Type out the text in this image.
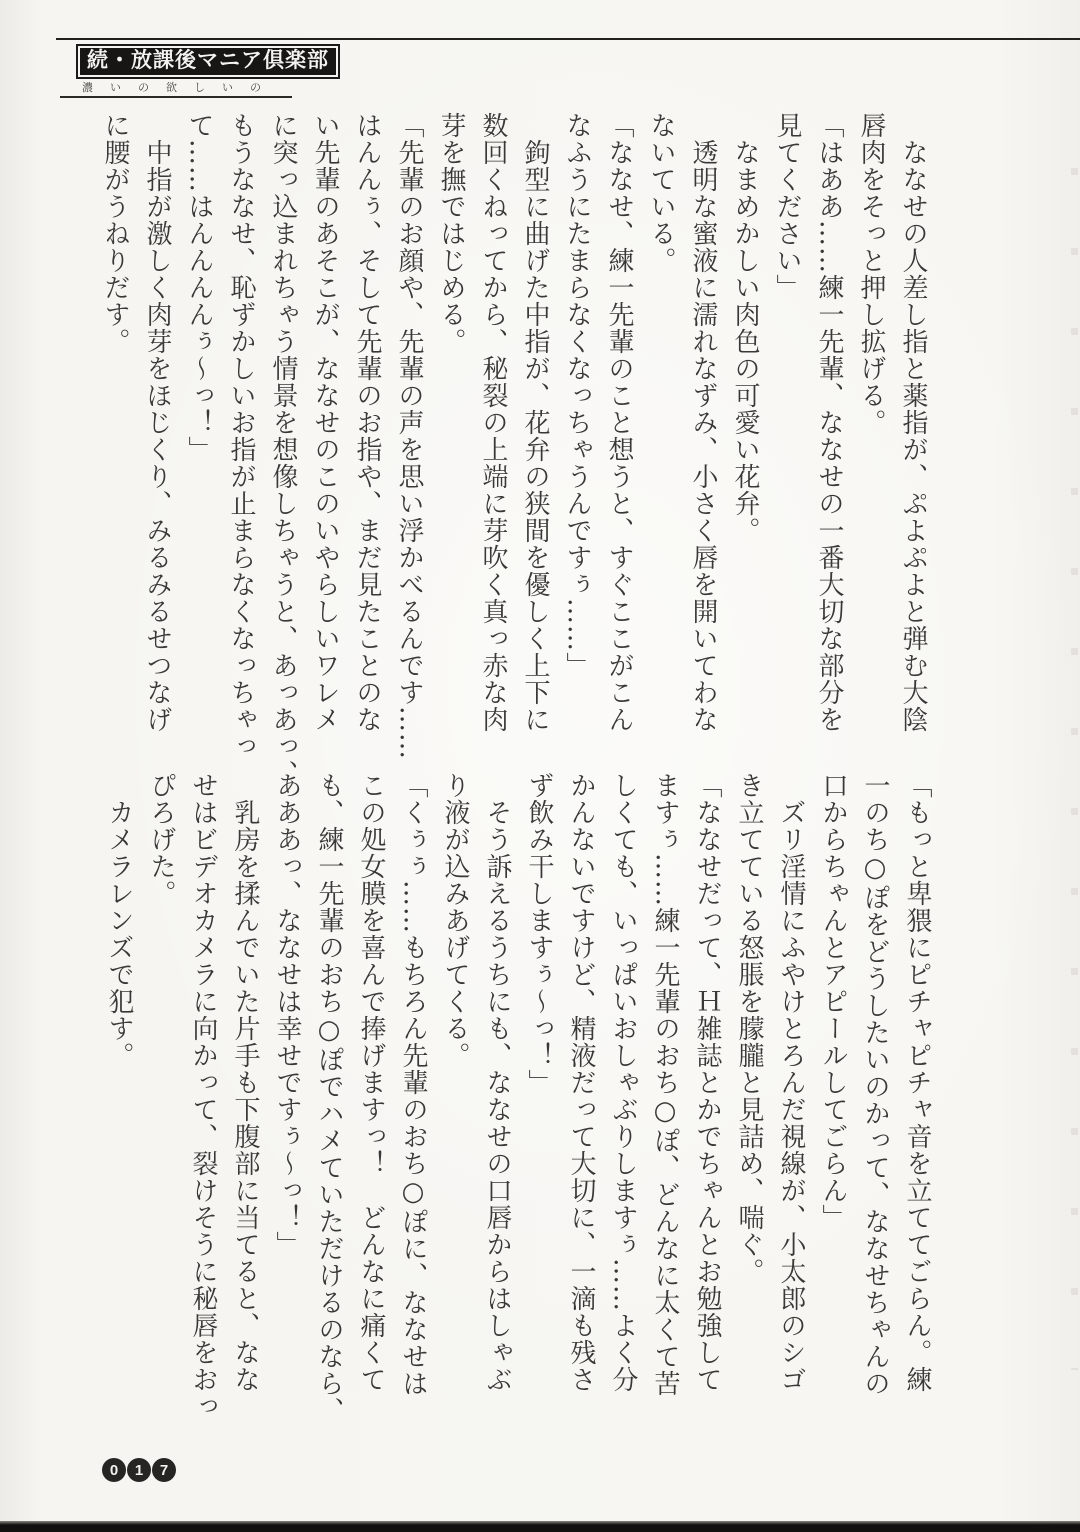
続・放課後マニア倶楽部
濃いの欲しいの
　ななせの人差し指と薬指が、ぷよぷよと弾む大陰
唇肉をそっと押し拡げる。
「はああ……練一先輩、ななせの一番大切な部分を
見てください」
　なまめかしい肉色の可愛い花弁。
　透明な蜜液に濡れなずみ、小さく唇を開いてわな
ないている。
「ななせ、練一先輩のこと想うと、すぐここがこん
なふうにたまらなくなっちゃうんですぅ……」
　鉤型に曲げた中指が、花弁の狭間を優しく上下に
数回くねってから、秘裂の上端に芽吹く真っ赤な肉
芽を撫ではじめる。
「先輩のお顔や、先輩の声を思い浮かべるんです……
はんんぅ、そして先輩のお指や、まだ見たことのな
い先輩のあそこが、ななせのこのいやらしいワレメ
に突っ込まれちゃう情景を想像しちゃうと、あっあっ、
もうななせ、恥ずかしいお指が止まらなくなっちゃっ
て……はんんんんぅ〜っ！」
　中指が激しく肉芽をほじくり、みるみるせつなげ
に腰がうねりだす。
「もっと卑猥にピチャピチャ音を立ててごらん。練
一のち○ぽをどうしたいのかって、ななせちゃんの
口からちゃんとアピールしてごらん」
　ズリ淫情にふやけとろんだ視線が、小太郎のシゴ
き立てている怒脹を朦朧と見詰め、喘ぐ。
「ななせだって、Ｈ雑誌とかでちゃんとお勉強して
ますぅ……練一先輩のおち○ぽ、どんなに太くて苦
しくても、いっぱいおしゃぶりしますぅ……よく分
かんないですけど、精液だって大切に、一滴も残さ
ず飲み干しますぅ〜っ！」
　そう訴えるうちにも、ななせの口唇からはしゃぶ
り液が込みあげてくる。
「くぅぅ……もちろん先輩のおち○ぽに、ななせは
この処女膜を喜んで捧げますっ！　どんなに痛くて
も、練一先輩のおち○ぽでハメていただけるのなら、
あああっ、ななせは幸せですぅ〜っ！」
　乳房を揉んでいた片手も下腹部に当てると、なな
せはビデオカメラに向かって、裂けそうに秘唇をおっ
ぴろげた。
　カメラレンズで犯す。
0	1	7
